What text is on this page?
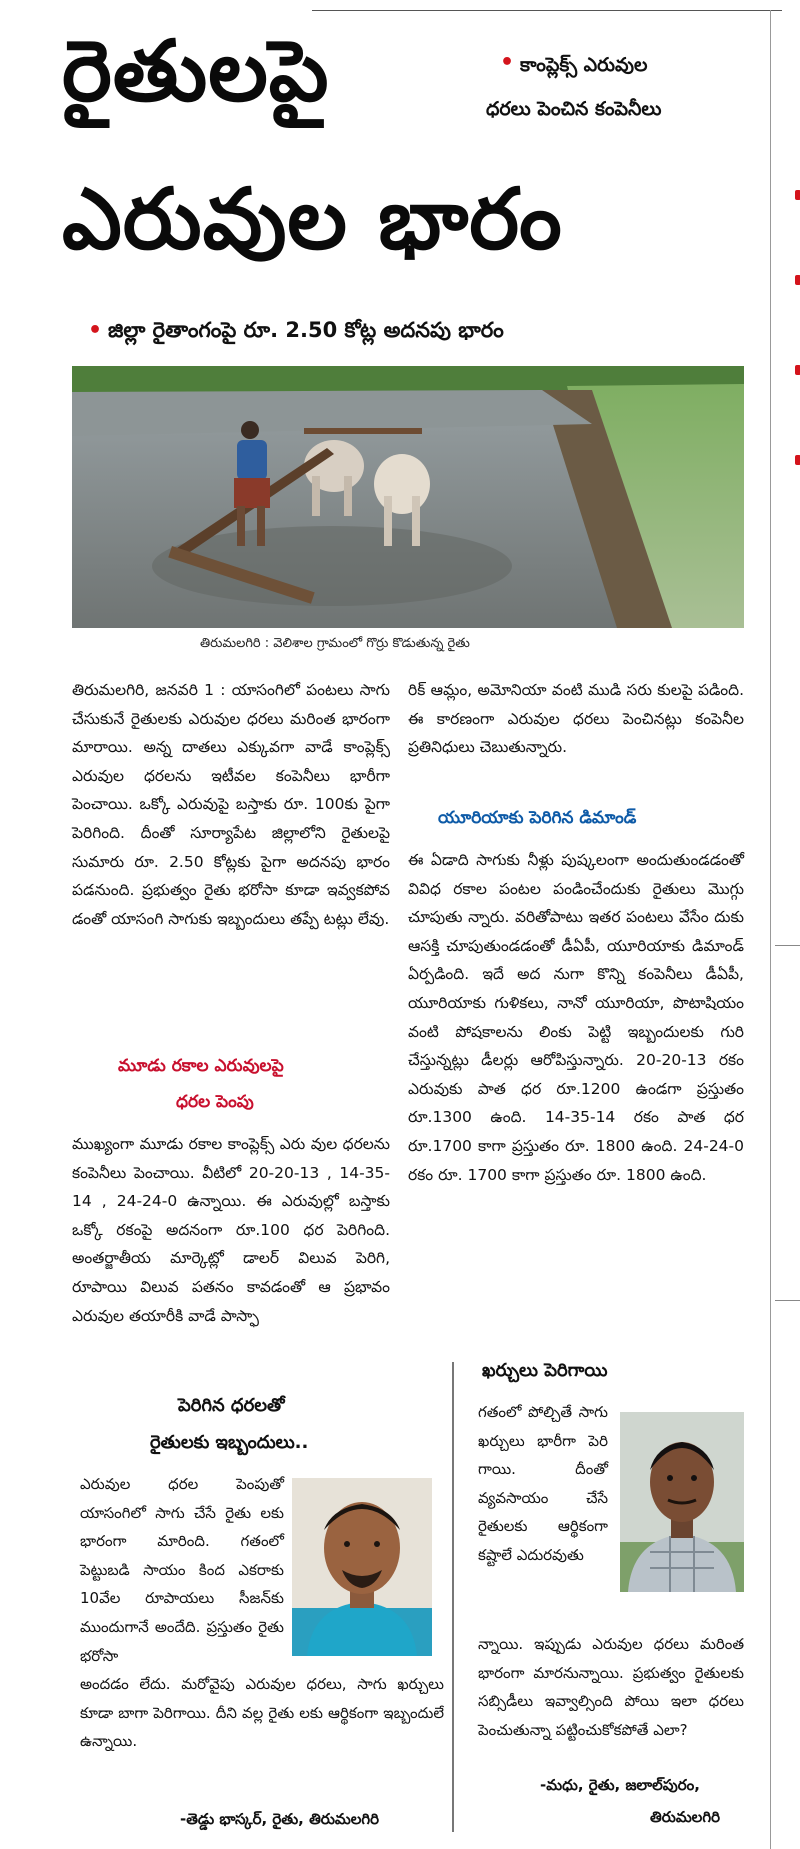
రైతులపై
ఎరువుల భారం
• కాంప్లెక్స్ ఎరువుల
ధరలు పెంచిన కంపెనీలు
• జిల్లా రైతాంగంపై రూ. 2.50 కోట్ల అదనపు భారం
తిరుమలగిరి : వెలిశాల గ్రామంలో గొర్రు కొడుతున్న రైతు

తిరుమలగిరి, జనవరి 1 : యాసంగిలో పంటలు సాగు చేసుకునే రైతులకు ఎరువుల ధరలు మరింత భారంగా మారాయి. అన్న దాతలు ఎక్కువగా వాడే కాంప్లెక్స్ ఎరువుల ధరలను ఇటీవల కంపెనీలు భారీగా పెంచాయి. ఒక్కో ఎరువుపై బస్తాకు రూ. 100కు పైగా పెరిగింది. దీంతో సూర్యాపేట జిల్లాలోని రైతులపై సుమారు రూ. 2.50 కోట్లకు పైగా అదనపు భారం పడనుంది. ప్రభుత్వం రైతు భరోసా కూడా ఇవ్వకపోవ డంతో యాసంగి సాగుకు ఇబ్బందులు తప్పే టట్లు లేవు.

మూడు రకాల ఎరువులపై
ధరల పెంపు

ముఖ్యంగా మూడు రకాల కాంప్లెక్స్ ఎరు వుల ధరలను కంపెనీలు పెంచాయి. వీటిలో 20-20-13 , 14-35-14 , 24-24-0 ఉన్నాయి. ఈ ఎరువుల్లో బస్తాకు ఒక్కో రకంపై అదనంగా రూ.100 ధర పెరిగింది. అంతర్జాతీయ మార్కెట్లో డాలర్ విలువ పెరిగి, రూపాయి విలువ పతనం కావడంతో ఆ ప్రభావం ఎరువుల తయారీకి వాడే పాస్ఫా

రిక్ ఆమ్లం, అమోనియా వంటి ముడి సరు కులపై పడింది. ఈ కారణంగా ఎరువుల ధరలు పెంచినట్లు కంపెనీల ప్రతినిధులు చెబుతున్నారు.

యూరియాకు పెరిగిన డిమాండ్

ఈ ఏడాది సాగుకు నీళ్లు పుష్కలంగా అందుతుండడంతో వివిధ రకాల పంటల పండించేందుకు రైతులు మొగ్గు చూపుతు న్నారు. వరితోపాటు ఇతర పంటలు వేసేం దుకు ఆసక్తి చూపుతుండడంతో డీఏపీ, యూరియాకు డిమాండ్ ఏర్పడింది. ఇదే అద నుగా కొన్ని కంపెనీలు డీఏపీ, యూరియాకు గుళికలు, నానో యూరియా, పొటాషియం వంటి పోషకాలను లింకు పెట్టి ఇబ్బందులకు గురి చేస్తున్నట్లు డీలర్లు ఆరోపిస్తున్నారు. 20-20-13 రకం ఎరువుకు పాత ధర రూ.1200 ఉండగా ప్రస్తుతం రూ.1300 ఉంది. 14-35-14 రకం పాత ధర రూ.1700 కాగా ప్రస్తుతం రూ. 1800 ఉంది. 24-24-0 రకం రూ. 1700 కాగా ప్రస్తుతం రూ. 1800 ఉంది.

పెరిగిన ధరలతో
రైతులకు ఇబ్బందులు..

ఎరువుల ధరల పెంపుతో యాసంగిలో సాగు చేసే రైతు లకు భారంగా మారింది. గతంలో పెట్టుబడి సాయం కింద ఎకరాకు 10వేల రూపాయలు సీజన్‌కు ముందుగానే అందేది. ప్రస్తుతం రైతు భరోసా

అందడం లేదు. మరోవైపు ఎరువుల ధరలు, సాగు ఖర్చులు కూడా బాగా పెరిగాయి. దీని వల్ల రైతు లకు ఆర్థికంగా ఇబ్బందులే ఉన్నాయి.

-తెడ్డు భాస్కర్, రైతు, తిరుమలగిరి
ఖర్చులు పెరిగాయి

గతంలో పోల్చితే సాగు ఖర్చులు భారీగా పెరి గాయి. దీంతో వ్యవసాయం చేసే రైతులకు ఆర్థికంగా కష్టాలే ఎదురవుతు

న్నాయి. ఇప్పుడు ఎరువుల ధరలు మరింత భారంగా మారనున్నాయి. ప్రభుత్వం రైతులకు సబ్సిడీలు ఇవ్వాల్సింది పోయి ఇలా ధరలు పెంచుతున్నా పట్టించుకోకపోతే ఎలా?

-మధు, రైతు, జలాల్‌పురం,
తిరుమలగిరి
